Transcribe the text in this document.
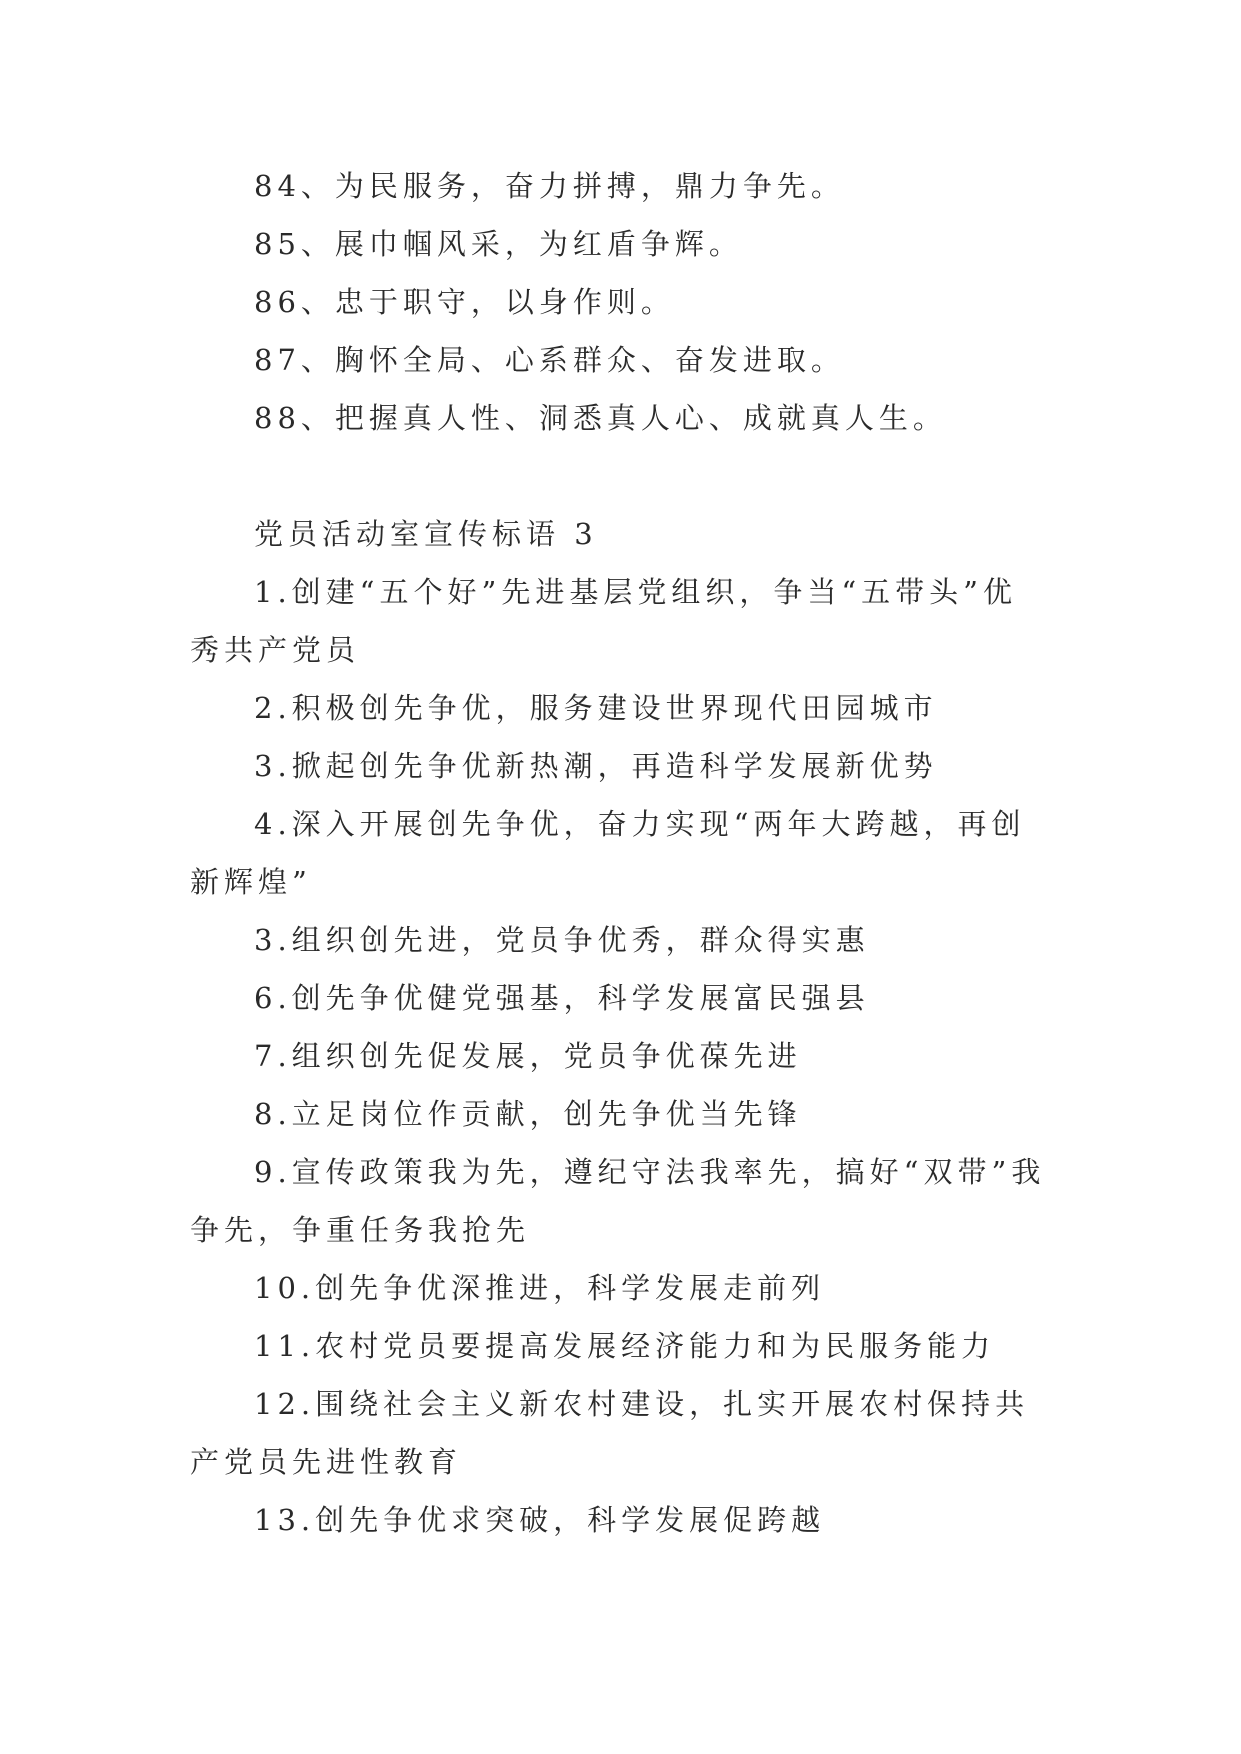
84、为民服务，奋力拼搏，鼎力争先。

85、展巾帼风采，为红盾争辉。

86、忠于职守，以身作则。

87、胸怀全局、心系群众、奋发进取。

88、把握真人性、洞悉真人心、成就真人生。

党员活动室宣传标语 3

1.创建“五个好”先进基层党组织，争当“五带头”优秀共产党员

2.积极创先争优，服务建设世界现代田园城市

3.掀起创先争优新热潮，再造科学发展新优势

4.深入开展创先争优，奋力实现“两年大跨越，再创新辉煌”

3.组织创先进，党员争优秀，群众得实惠

6.创先争优健党强基，科学发展富民强县

7.组织创先促发展，党员争优葆先进

8.立足岗位作贡献，创先争优当先锋

9.宣传政策我为先，遵纪守法我率先，搞好“双带”我争先，争重任务我抢先

10.创先争优深推进，科学发展走前列

11.农村党员要提高发展经济能力和为民服务能力

12.围绕社会主义新农村建设，扎实开展农村保持共产党员先进性教育

13.创先争优求突破，科学发展促跨越
